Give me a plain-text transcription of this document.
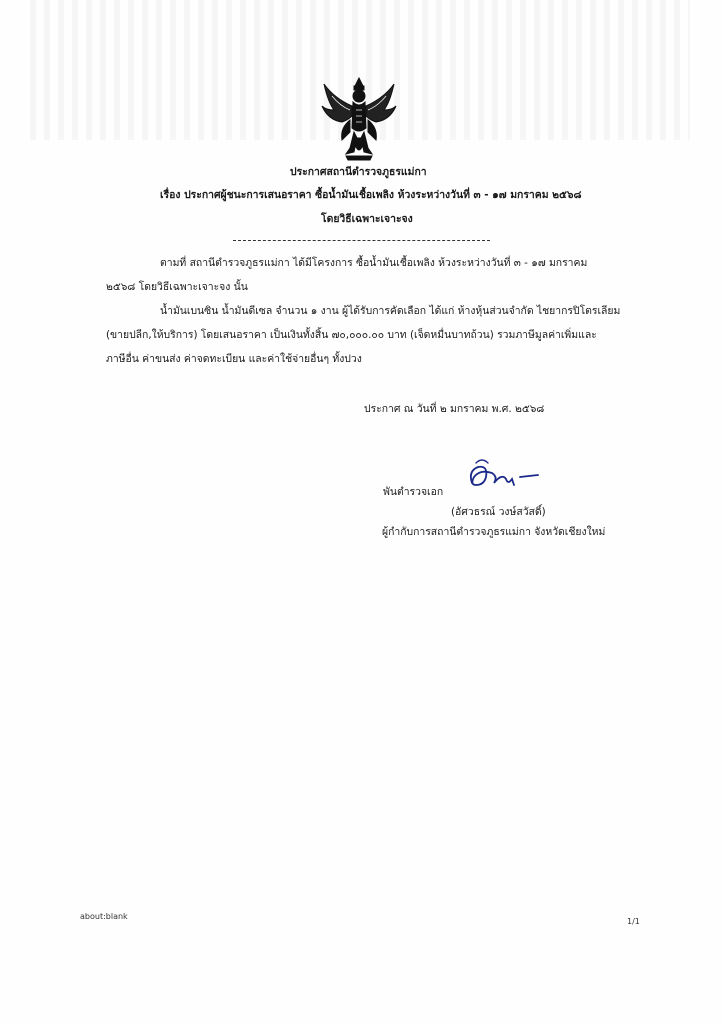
ประกาศสถานีตำรวจภูธรแม่กา
เรื่อง ประกาศผู้ชนะการเสนอราคา ซื้อน้ำมันเชื้อเพลิง ห้วงระหว่างวันที่ ๓ - ๑๗ มกราคม ๒๕๖๘
โดยวิธีเฉพาะเจาะจง
ตามที่ สถานีตำรวจภูธรแม่กา ได้มีโครงการ ซื้อน้ำมันเชื้อเพลิง ห้วงระหว่างวันที่ ๓ - ๑๗ มกราคม
๒๕๖๘ โดยวิธีเฉพาะเจาะจง นั้น
น้ำมันเบนซิน น้ำมันดีเซล จำนวน ๑ งาน ผู้ได้รับการคัดเลือก ได้แก่ ห้างหุ้นส่วนจำกัด ไชยากรปิโตรเลียม
(ขายปลีก,ให้บริการ) โดยเสนอราคา เป็นเงินทั้งสิ้น ๗๐,๐๐๐.๐๐ บาท (เจ็ดหมื่นบาทถ้วน) รวมภาษีมูลค่าเพิ่มและ
ภาษีอื่น ค่าขนส่ง ค่าจดทะเบียน และค่าใช้จ่ายอื่นๆ ทั้งปวง
ประกาศ ณ วันที่ ๒ มกราคม พ.ศ. ๒๕๖๘
พันตำรวจเอก
(อัศวธรณ์ วงษ์สวัสดิ์)
ผู้กำกับการสถานีตำรวจภูธรแม่กา จังหวัดเชียงใหม่
about:blank
1/1
